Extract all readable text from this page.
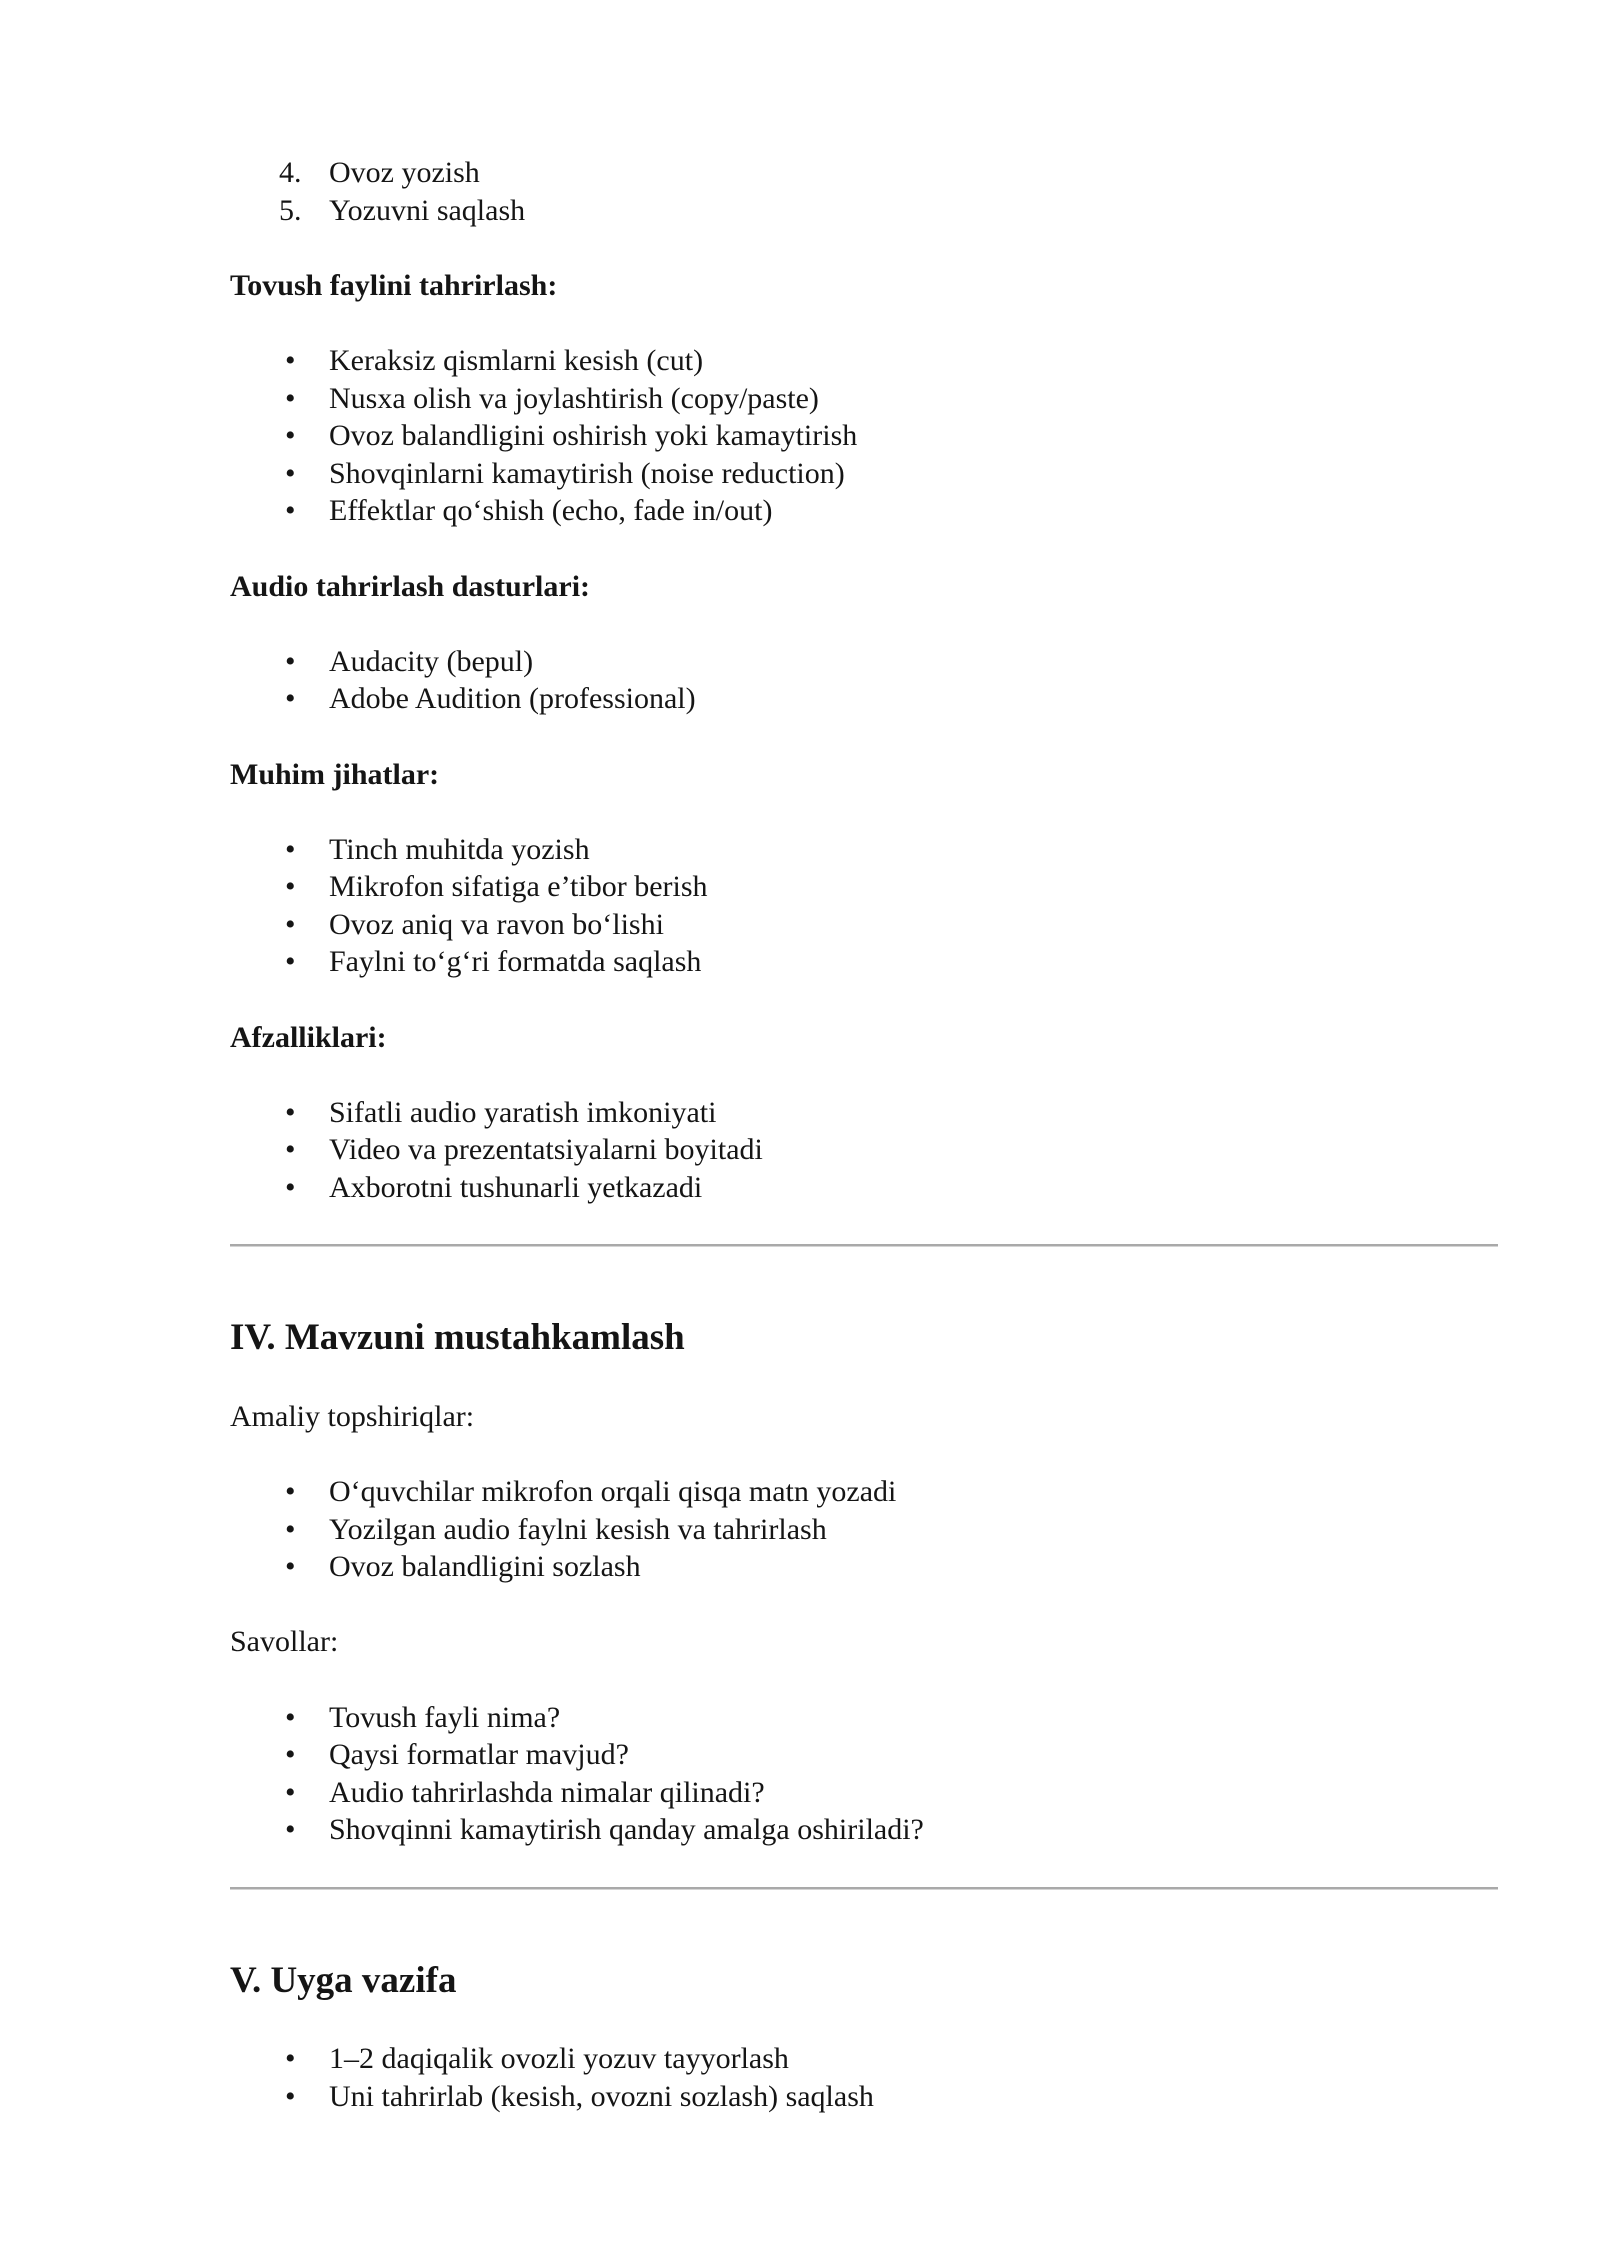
4. Ovoz yozish
5. Yozuvni saqlash

Tovush faylini tahrirlash:

• Keraksiz qismlarni kesish (cut)
• Nusxa olish va joylashtirish (copy/paste)
• Ovoz balandligini oshirish yoki kamaytirish
• Shovqinlarni kamaytirish (noise reduction)
• Effektlar qo‘shish (echo, fade in/out)

Audio tahrirlash dasturlari:

• Audacity (bepul)
• Adobe Audition (professional)

Muhim jihatlar:

• Tinch muhitda yozish
• Mikrofon sifatiga e’tibor berish
• Ovoz aniq va ravon bo‘lishi
• Faylni to‘g‘ri formatda saqlash

Afzalliklari:

• Sifatli audio yaratish imkoniyati
• Video va prezentatsiyalarni boyitadi
• Axborotni tushunarli yetkazadi
IV. Mavzuni mustahkamlash

Amaliy topshiriqlar:

• O‘quvchilar mikrofon orqali qisqa matn yozadi
• Yozilgan audio faylni kesish va tahrirlash
• Ovoz balandligini sozlash

Savollar:

• Tovush fayli nima?
• Qaysi formatlar mavjud?
• Audio tahrirlashda nimalar qilinadi?
• Shovqinni kamaytirish qanday amalga oshiriladi?
V. Uyga vazifa
• 1–2 daqiqalik ovozli yozuv tayyorlash
• Uni tahrirlab (kesish, ovozni sozlash) saqlash
